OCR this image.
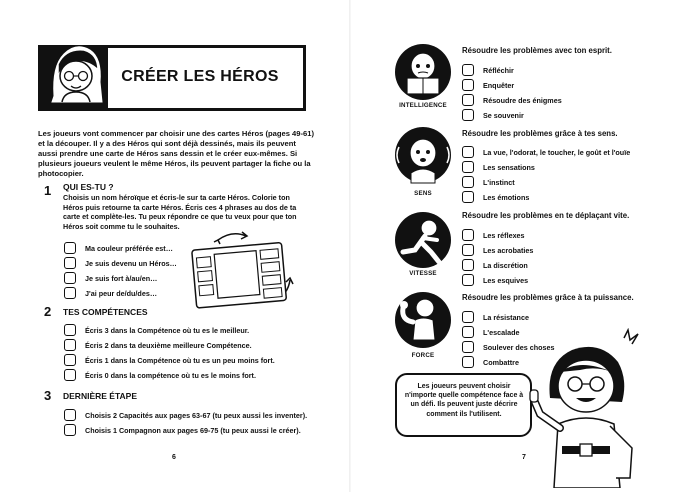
CRÉER LES HÉROS
Les joueurs vont commencer par choisir une des cartes Héros (pages 49-61) et la découper. Il y a des Héros qui sont déjà dessinés, mais ils peuvent aussi prendre une carte de Héros sans dessin et le créer eux-mêmes. Si plusieurs joueurs veulent le même Héros, ils peuvent partager la fiche ou la photocopier.
1 QUI ES-TU ?
Choisis un nom héroïque et écris-le sur ta carte Héros. Colorie ton Héros puis retourne ta carte Héros. Écris ces 4 phrases au dos de ta carte et complète-les. Tu peux répondre ce que tu veux pour que ton Héros soit comme tu le souhaites.
Ma couleur préférée est…
Je suis devenu un Héros…
Je suis fort à/au/en…
J'ai peur de/du/des…
2 TES COMPÉTENCES
Écris 3 dans la Compétence où tu es le meilleur.
Écris 2 dans ta deuxième meilleure Compétence.
Écris 1 dans la Compétence où tu es un peu moins fort.
Écris 0 dans la compétence où tu es le moins fort.
3 DERNIÈRE ÉTAPE
Choisis 2 Capacités aux pages 63-67 (tu peux aussi les inventer).
Choisis 1 Compagnon aux pages 69-75 (tu peux aussi le créer).
6
INTELLIGENCE
Résoudre les problèmes avec ton esprit.
Réfléchir
Enquêter
Résoudre des énigmes
Se souvenir
SENS
Résoudre les problèmes grâce à tes sens.
La vue, l'odorat, le toucher, le goût et l'ouïe
Les sensations
L'instinct
Les émotions
VITESSE
Résoudre les problèmes en te déplaçant vite.
Les réflexes
Les acrobaties
La discrétion
Les esquives
FORCE
Résoudre les problèmes grâce à ta puissance.
La résistance
L'escalade
Soulever des choses
Combattre
Les joueurs peuvent choisir n'importe quelle compétence face à un défi. Ils peuvent juste décrire comment ils l'utilisent.
7
